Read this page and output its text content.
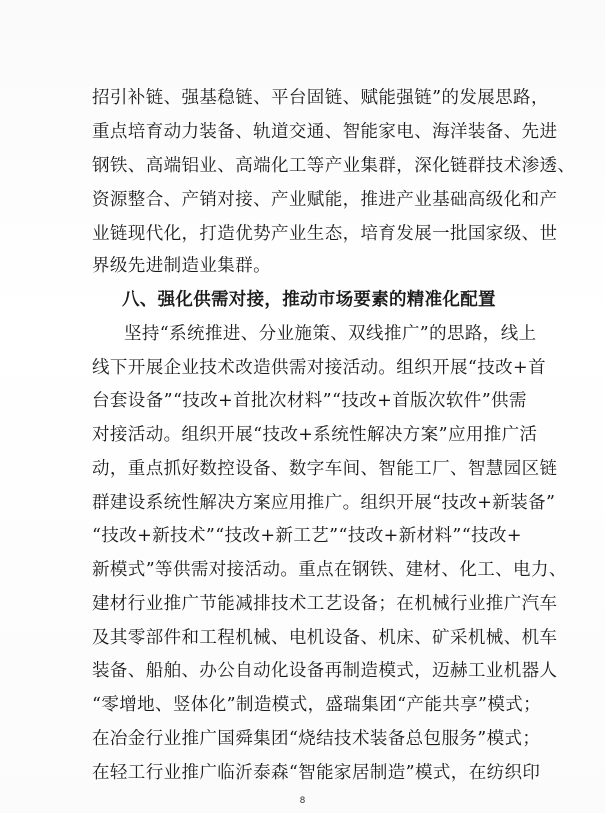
招引补链、强基稳链、平台固链、赋能强链”的发展思路，
重点培育动力装备、轨道交通、智能家电、海洋装备、先进
钢铁、高端铝业、高端化工等产业集群，深化链群技术渗透、
资源整合、产销对接、产业赋能，推进产业基础高级化和产
业链现代化，打造优势产业生态，培育发展一批国家级、世
界级先进制造业集群。
八、强化供需对接，推动市场要素的精准化配置
坚持“系统推进、分业施策、双线推广”的思路，线上
线下开展企业技术改造供需对接活动。组织开展“技改+首
台套设备”“技改+首批次材料”“技改+首版次软件”供需
对接活动。组织开展“技改+系统性解决方案”应用推广活
动，重点抓好数控设备、数字车间、智能工厂、智慧园区链
群建设系统性解决方案应用推广。组织开展“技改+新装备”
“技改+新技术”“技改+新工艺”“技改+新材料”“技改+
新模式”等供需对接活动。重点在钢铁、建材、化工、电力、
建材行业推广节能减排技术工艺设备；在机械行业推广汽车
及其零部件和工程机械、电机设备、机床、矿采机械、机车
装备、船舶、办公自动化设备再制造模式，迈赫工业机器人
“零增地、竖体化”制造模式，盛瑞集团“产能共享”模式；
在冶金行业推广国舜集团“烧结技术装备总包服务”模式；
在轻工行业推广临沂泰森“智能家居制造”模式，在纺织印
8
